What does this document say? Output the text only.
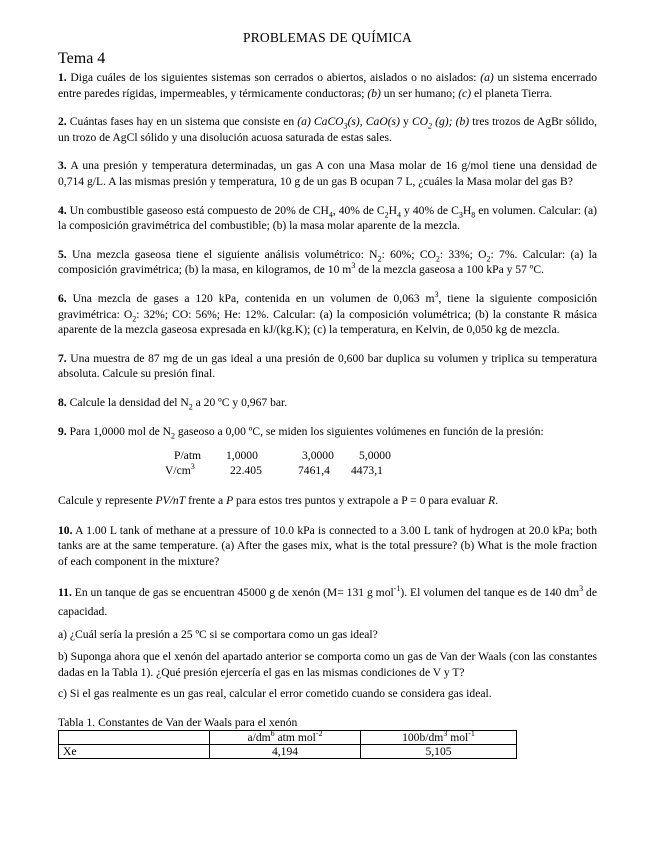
PROBLEMAS DE QUÍMICA
Tema 4

1. Diga cuáles de los siguientes sistemas son cerrados o abiertos, aislados o no aislados: (a) un sistema encerrado entre paredes rígidas, impermeables, y térmicamente conductoras; (b) un ser humano; (c) el planeta Tierra.

2. Cuántas fases hay en un sistema que consiste en (a) CaCO$_3$(s), CaO(s) y $CO_2$ (g); (b) tres trozos de AgBr sólido, un trozo de AgCl sólido y una disolución acuosa saturada de estas sales.

3. A una presión y temperatura determinadas, un gas A con una Masa molar de 16 g/mol tiene una densidad de 0,714 g/L. A las mismas presión y temperatura, 10 g de un gas B ocupan 7 L, ¿cuáles la Masa molar del gas B?

4. Un combustible gaseoso está compuesto de 20% de $CH_4$, 40% de $C_2H_4$ y 40% de $C_3H_8$ en volumen. Calcular: (a) la composición gravimétrica del combustible; (b) la masa molar aparente de la mezcla.

5. Una mezcla gaseosa tiene el siguiente análisis volumétrico: $N_2$: 60%; $CO_2$: 33%; $O_2$: 7%. Calcular: (a) la composición gravimétrica; (b) la masa, en kilogramos, de 10 $m^3$ de la mezcla gaseosa a 100 kPa y 57 ºC.

6. Una mezcla de gases a 120 kPa, contenida en un volumen de 0,063 $m^3$, tiene la siguiente composición gravimétrica: $O_2$: 32%; CO: 56%; He: 12%. Calcular: (a) la composición volumétrica; (b) la constante R másica aparente de la mezcla gaseosa expresada en kJ/(kg.K); (c) la temperatura, en Kelvin, de 0,050 kg de mezcla.

7. Una muestra de 87 mg de un gas ideal a una presión de 0,600 bar duplica su volumen y triplica su temperatura absoluta. Calcule su presión final.

8. Calcule la densidad del $N_2$ a 20 ºC y 0,967 bar.

9. Para 1,0000 mol de $N_2$ gaseoso a 0,00 ºC, se miden los siguientes volúmenes en función de la presión:

P/atm 1,0000	3,0000 5,0000
$V/cm^3$	22.405	7461,4 4473,1

Calcule y represente PV/nT frente a P para estos tres puntos y extrapole a P = 0 para evaluar R.

10. A 1.00 L tank of methane at a pressure of 10.0 kPa is connected to a 3.00 L tank of hydrogen at 20.0 kPa; both tanks are at the same temperature. (a) After the gases mix, what is the total pressure? (b) What is the mole fraction of each component in the mixture?

11. En un tanque de gas se encuentran 45000 g de xenón (M= 131 g mol$^{-1}$). El volumen del tanque es de 140 $dm^3$ de capacidad.

a) ¿Cuál sería la presión a 25 ºC si se comportara como un gas ideal?

b) Suponga ahora que el xenón del apartado anterior se comporta como un gas de Van der Waals (con las constantes dadas en la Tabla 1). ¿Qué presión ejercería el gas en las mismas condiciones de V y T?

c) Si el gas realmente es un gas real, calcular el error cometido cuando se considera gas ideal.

Tabla 1. Constantes de Van der Waals para el xenón
	$a/dm^6$ atm mol$^{-2}$	$100b/dm^3$ mol$^{-1}$
Xe	4,194	5,105
